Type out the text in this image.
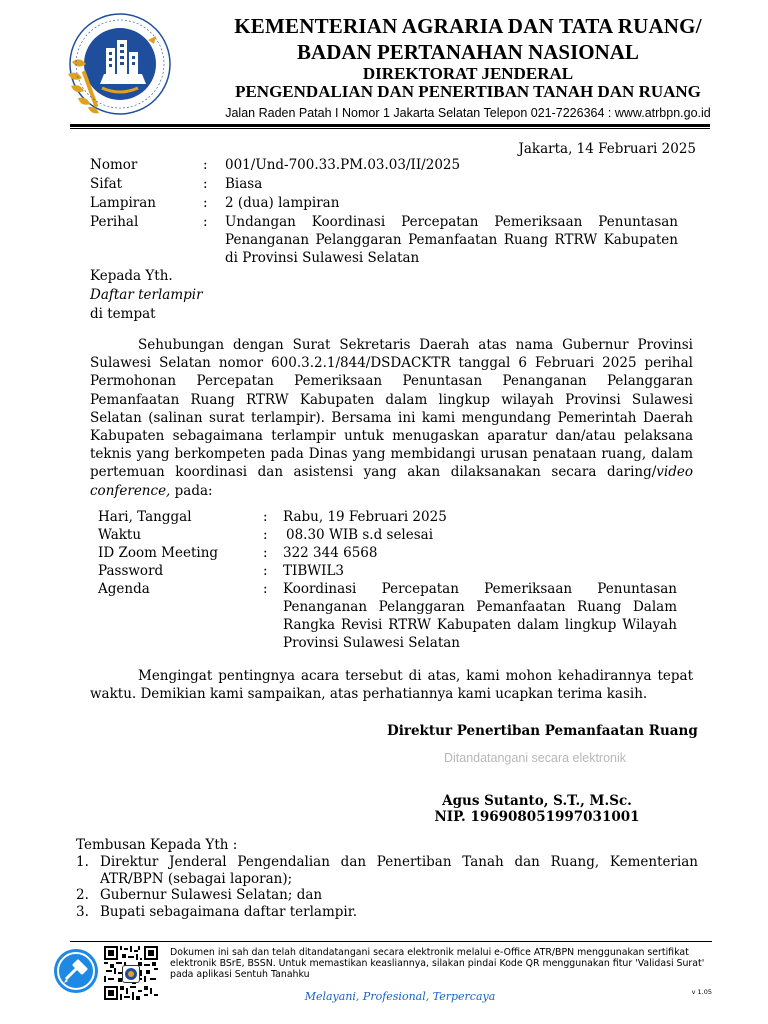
KEMENTERIAN AGRARIA DAN TATA RUANG/
BADAN PERTANAHAN NASIONAL
DIREKTORAT JENDERAL
PENGENDALIAN DAN PENERTIBAN TANAH DAN RUANG
Jalan Raden Patah I Nomor 1 Jakarta Selatan Telepon 021-7226364 : www.atrbpn.go.id
Jakarta, 14 Februari 2025
Nomor	: 001/Und-700.33.PM.03.03/II/2025
Sifat	: Biasa
Lampiran	: 2 (dua) lampiran
Perihal	: Undangan Koordinasi Percepatan Pemeriksaan Penuntasan Penanganan Pelanggaran Pemanfaatan Ruang RTRW Kabupaten di Provinsi Sulawesi Selatan
Kepada Yth.
Daftar terlampir
di tempat
Sehubungan dengan Surat Sekretaris Daerah atas nama Gubernur Provinsi Sulawesi Selatan nomor 600.3.2.1/844/DSDACKTR tanggal 6 Februari 2025 perihal Permohonan Percepatan Pemeriksaan Penuntasan Penanganan Pelanggaran Pemanfaatan Ruang RTRW Kabupaten dalam lingkup wilayah Provinsi Sulawesi Selatan (salinan surat terlampir). Bersama ini kami mengundang Pemerintah Daerah Kabupaten sebagaimana terlampir untuk menugaskan aparatur dan/atau pelaksana teknis yang berkompeten pada Dinas yang membidangi urusan penataan ruang, dalam pertemuan koordinasi dan asistensi yang akan dilaksanakan secara daring/video conference, pada:
Hari, Tanggal	: Rabu, 19 Februari 2025
Waktu	: 08.30 WIB s.d selesai
ID Zoom Meeting	: 322 344 6568
Password	: TIBWIL3
Agenda	: Koordinasi Percepatan Pemeriksaan Penuntasan Penanganan Pelanggaran Pemanfaatan Ruang Dalam Rangka Revisi RTRW Kabupaten dalam lingkup Wilayah Provinsi Sulawesi Selatan
Mengingat pentingnya acara tersebut di atas, kami mohon kehadirannya tepat waktu. Demikian kami sampaikan, atas perhatiannya kami ucapkan terima kasih.
Direktur Penertiban Pemanfaatan Ruang
Ditandatangani secara elektronik
Agus Sutanto, S.T., M.Sc.
NIP. 196908051997031001
Tembusan Kepada Yth :
1. Direktur Jenderal Pengendalian dan Penertiban Tanah dan Ruang, Kementerian ATR/BPN (sebagai laporan);
2. Gubernur Sulawesi Selatan; dan
3. Bupati sebagaimana daftar terlampir.
Dokumen ini sah dan telah ditandatangani secara elektronik melalui e-Office ATR/BPN menggunakan sertifikat elektronik BSrE, BSSN. Untuk memastikan keasliannya, silakan pindai Kode QR menggunakan fitur 'Validasi Surat' pada aplikasi Sentuh Tanahku
Melayani, Profesional, Terpercaya	v 1.05
